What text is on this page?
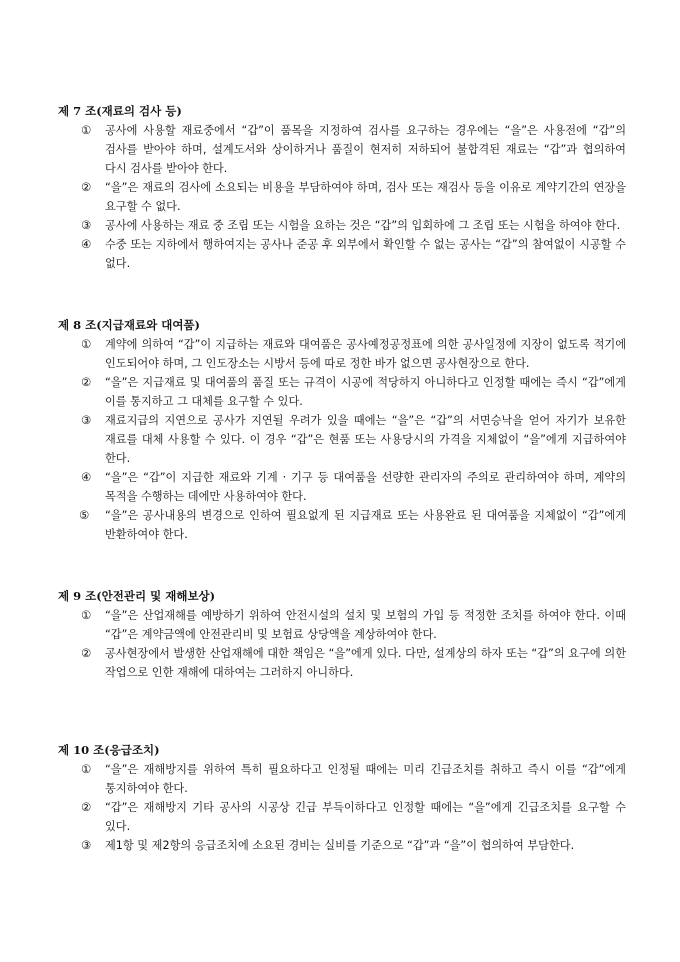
제 7 조(재료의 검사 등)

①	공사에 사용할 재료중에서 “갑”이 품목을 지정하여 검사를 요구하는 경우에는 “을”은 사용전에 “갑”의 검사를 받아야 하며, 설계도서와 상이하거나 품질이 현저히 저하되어 불합격된 재료는 “갑”과 협의하여 다시 검사를 받아야 한다.

②	“을”은 재료의 검사에 소요되는 비용을 부담하여야 하며, 검사 또는 재검사 등을 이유로 계약기간의 연장을 요구할 수 없다.

③	공사에 사용하는 재료 중 조립 또는 시험을 요하는 것은 “갑”의 입회하에 그 조립 또는 시험을 하여야 한다.

④	수중 또는 지하에서 행하여지는 공사나 준공 후 외부에서 확인할 수 없는 공사는 “갑”의 참여없이 시공할 수 없다.

제 8 조(지급재료와 대여품)

①	계약에 의하여 “갑”이 지급하는 재료와 대여품은 공사예정공정표에 의한 공사일정에 지장이 없도록 적기에 인도되어야 하며, 그 인도장소는 시방서 등에 따로 정한 바가 없으면 공사현장으로 한다.

②	“을”은 지급재료 및 대여품의 품질 또는 규격이 시공에 적당하지 아니하다고 인정할 때에는 즉시 “갑”에게 이를 통지하고 그 대체를 요구할 수 있다.

③	재료지급의 지연으로 공사가 지연될 우려가 있을 때에는 “을”은 “갑”의 서면승낙을 얻어 자기가 보유한 재료를 대체 사용할 수 있다. 이 경우 “갑”은 현품 또는 사용당시의 가격을 지체없이 “을”에게 지급하여야 한다.

④	“을”은 “갑”이 지급한 재료와 기계 · 기구 등 대여품을 선량한 관리자의 주의로 관리하여야 하며, 계약의 목적을 수행하는 데에만 사용하여야 한다.

⑤	“을”은 공사내용의 변경으로 인하여 필요없게 된 지급재료 또는 사용완료 된 대여품을 지체없이 “갑”에게 반환하여야 한다.

제 9 조(안전관리 및 재해보상)

①	“을”은 산업재해를 예방하기 위하여 안전시설의 설치 및 보험의 가입 등 적정한 조치를 하여야 한다. 이때 “갑”은 계약금액에 안전관리비 및 보험료 상당액을 계상하여야 한다.

②	공사현장에서 발생한 산업재해에 대한 책임은 “을”에게 있다. 다만, 설계상의 하자 또는 “갑”의 요구에 의한 작업으로 인한 재해에 대하여는 그러하지 아니하다.

제 10 조(응급조치)

①	“을”은 재해방지를 위하여 특히 필요하다고 인정될 때에는 미리 긴급조치를 취하고 즉시 이를 “갑”에게 통지하여야 한다.

②	“갑”은 재해방지 기타 공사의 시공상 긴급 부득이하다고 인정할 때에는 “을”에게 긴급조치를 요구할 수 있다.

③	제1항 및 제2항의 응급조치에 소요된 경비는 실비를 기준으로 “갑”과 “을”이 협의하여 부담한다.
